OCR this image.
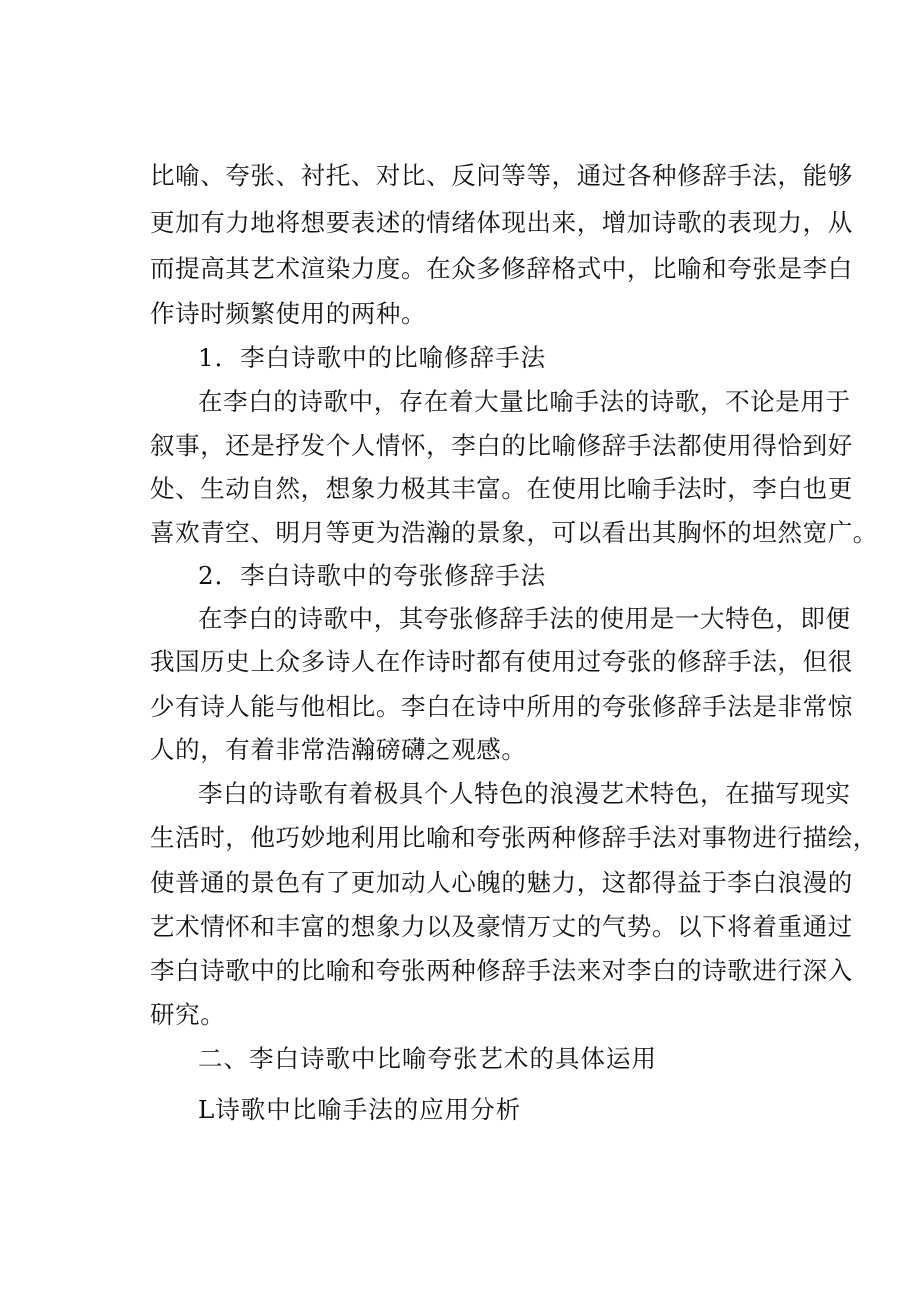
比喻、夸张、衬托、对比、反问等等，通过各种修辞手法，能够
更加有力地将想要表述的情绪体现出来，增加诗歌的表现力，从
而提高其艺术渲染力度。在众多修辞格式中，比喻和夸张是李白
作诗时频繁使用的两种。
1．李白诗歌中的比喻修辞手法
在李白的诗歌中，存在着大量比喻手法的诗歌，不论是用于
叙事，还是抒发个人情怀，李白的比喻修辞手法都使用得恰到好
处、生动自然，想象力极其丰富。在使用比喻手法时，李白也更
喜欢青空、明月等更为浩瀚的景象，可以看出其胸怀的坦然宽广。
2．李白诗歌中的夸张修辞手法
在李白的诗歌中，其夸张修辞手法的使用是一大特色，即便
我国历史上众多诗人在作诗时都有使用过夸张的修辞手法，但很
少有诗人能与他相比。李白在诗中所用的夸张修辞手法是非常惊
人的，有着非常浩瀚磅礴之观感。
李白的诗歌有着极具个人特色的浪漫艺术特色，在描写现实
生活时，他巧妙地利用比喻和夸张两种修辞手法对事物进行描绘，
使普通的景色有了更加动人心魄的魅力，这都得益于李白浪漫的
艺术情怀和丰富的想象力以及豪情万丈的气势。以下将着重通过
李白诗歌中的比喻和夸张两种修辞手法来对李白的诗歌进行深入
研究。
二、李白诗歌中比喻夸张艺术的具体运用
L诗歌中比喻手法的应用分析
